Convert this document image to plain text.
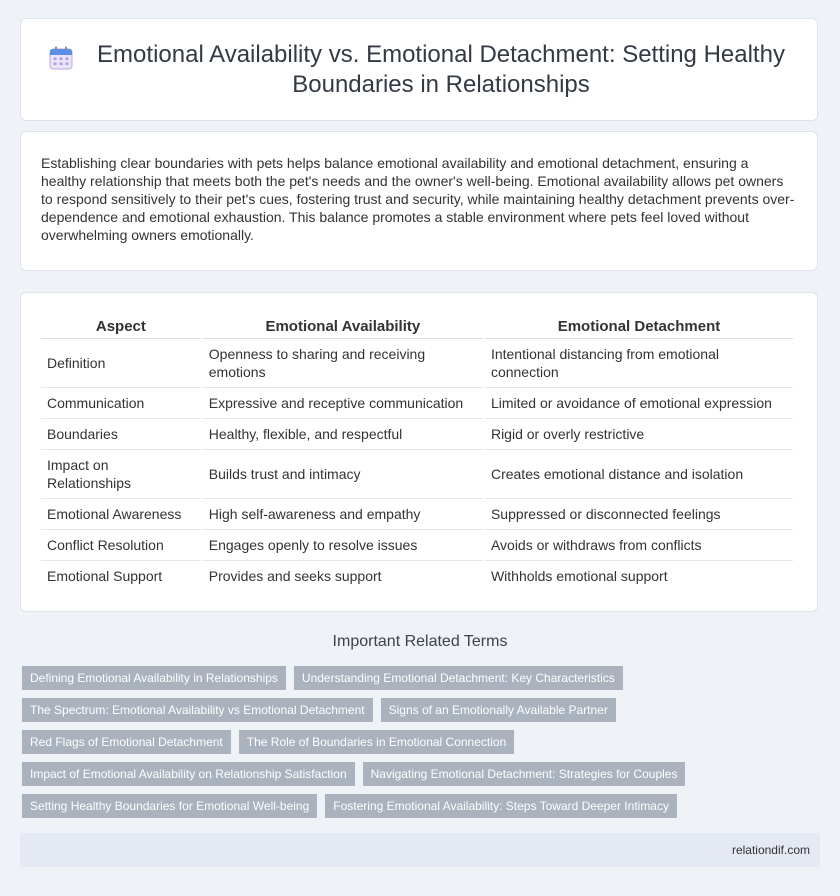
Emotional Availability vs. Emotional Detachment: Setting Healthy Boundaries in Relationships

Establishing clear boundaries with pets helps balance emotional availability and emotional detachment, ensuring a healthy relationship that meets both the pet's needs and the owner's well-being. Emotional availability allows pet owners to respond sensitively to their pet's cues, fostering trust and security, while maintaining healthy detachment prevents over-dependence and emotional exhaustion. This balance promotes a stable environment where pets feel loved without overwhelming owners emotionally.

Aspect	Emotional Availability	Emotional Detachment
Definition	Openness to sharing and receiving emotions	Intentional distancing from emotional connection
Communication	Expressive and receptive communication	Limited or avoidance of emotional expression
Boundaries	Healthy, flexible, and respectful	Rigid or overly restrictive
Impact on Relationships	Builds trust and intimacy	Creates emotional distance and isolation
Emotional Awareness	High self-awareness and empathy	Suppressed or disconnected feelings
Conflict Resolution	Engages openly to resolve issues	Avoids or withdraws from conflicts
Emotional Support	Provides and seeks support	Withholds emotional support
Important Related Terms
Defining Emotional Availability in Relationships	Understanding Emotional Detachment: Key Characteristics
The Spectrum: Emotional Availability vs Emotional Detachment	Signs of an Emotionally Available Partner
Red Flags of Emotional Detachment	The Role of Boundaries in Emotional Connection
Impact of Emotional Availability on Relationship Satisfaction	Navigating Emotional Detachment: Strategies for Couples
Setting Healthy Boundaries for Emotional Well-being	Fostering Emotional Availability: Steps Toward Deeper Intimacy
relationdif.com
